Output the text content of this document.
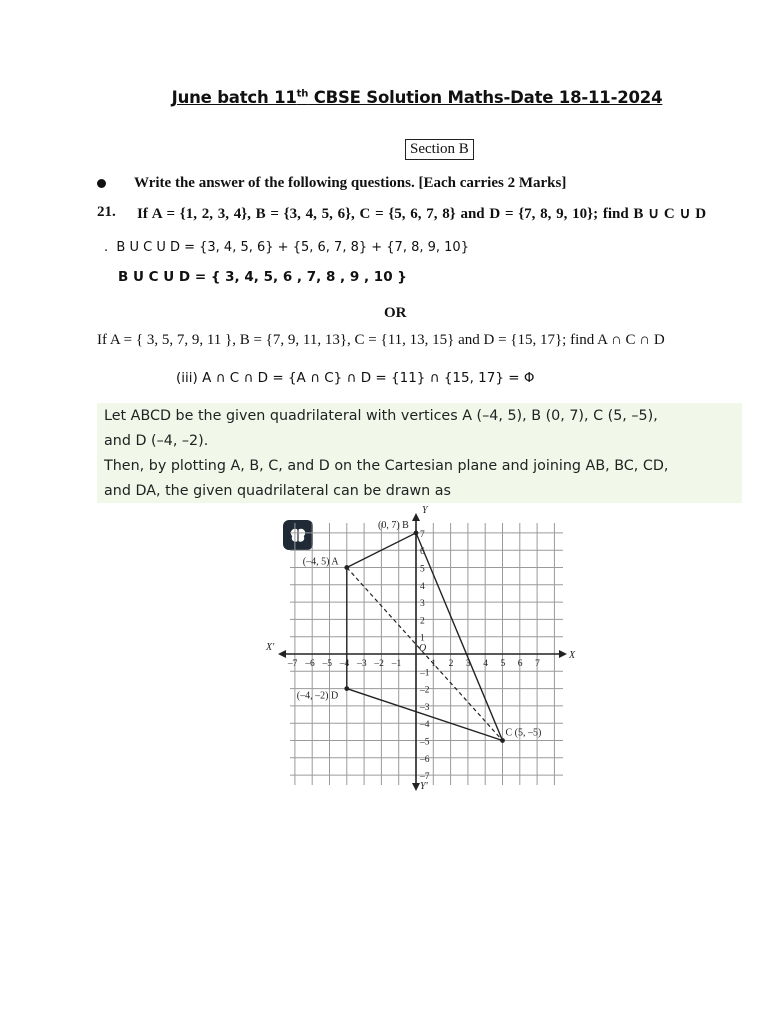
June batch 11th CBSE Solution Maths-Date 18-11-2024
Section B
Write the answer of the following questions. [Each carries 2 Marks]
21. If A = {1, 2, 3, 4}, B = {3, 4, 5, 6}, C = {5, 6, 7, 8} and D = {7, 8, 9, 10}; find B ∪ C ∪ D
. B U C U D = {3, 4, 5, 6} + {5, 6, 7, 8} + {7, 8, 9, 10}
B U C U D = { 3, 4, 5, 6 , 7, 8 , 9 , 10 }
OR
If A = { 3, 5, 7, 9, 11 }, B = {7, 9, 11, 13}, C = {11, 13, 15} and D = {15, 17}; find A ∩ C ∩ D
(iii) A ∩ C ∩ D = {A ∩ C} ∩ D = {11} ∩ {15, 17} = Φ
Let ABCD be the given quadrilateral with vertices A (–4, 5), B (0, 7), C (5, –5),
and D (–4, –2).
Then, by plotting A, B, C, and D on the Cartesian plane and joining AB, BC, CD,
and DA, the given quadrilateral can be drawn as
X
X'
Y
Y'
O
–7 –6 –5 –4 –3 –2 –1	1 2 3 4 5 6 7
7
6
5
4
3
2
1
–1
–2
–3
–4
–5
–6
–7
(–4, 5) A
(0, 7) B
C (5, –5)
(–4, –2) D
